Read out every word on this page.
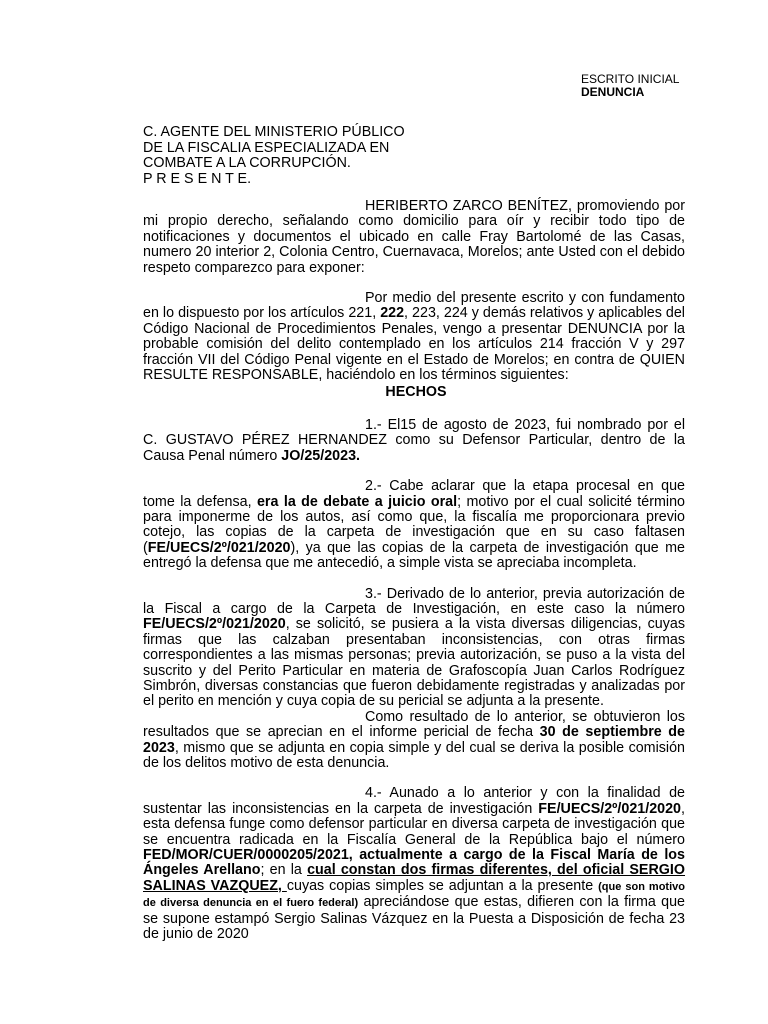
ESCRITO INICIAL
DENUNCIA
C. AGENTE DEL MINISTERIO PÚBLICO
DE LA FISCALIA ESPECIALIZADA EN
COMBATE A LA CORRUPCIÓN.
P R E S E N T E.

HERIBERTO ZARCO BENÍTEZ, promoviendo por mi propio derecho, señalando como domicilio para oír y recibir todo tipo de notificaciones y documentos el ubicado en calle Fray Bartolomé de las Casas, numero 20 interior 2, Colonia Centro, Cuernavaca, Morelos; ante Usted con el debido respeto comparezco para exponer:

Por medio del presente escrito y con fundamento en lo dispuesto por los artículos 221, 222, 223, 224 y demás relativos y aplicables del Código Nacional de Procedimientos Penales, vengo a presentar DENUNCIA por la probable comisión del delito contemplado en los artículos 214 fracción V y 297 fracción VII del Código Penal vigente en el Estado de Morelos; en contra de QUIEN RESULTE RESPONSABLE, haciéndolo en los términos siguientes:

HECHOS

1.- El15 de agosto de 2023, fui nombrado por el C. GUSTAVO PÉREZ HERNANDEZ como su Defensor Particular, dentro de la Causa Penal número JO/25/2023.

2.- Cabe aclarar que la etapa procesal en que tome la defensa, era la de debate a juicio oral; motivo por el cual solicité término para imponerme de los autos, así como que, la fiscalía me proporcionara previo cotejo, las copias de la carpeta de investigación que en su caso faltasen (FE/UECS/2º/021/2020), ya que las copias de la carpeta de investigación que me entregó la defensa que me antecedió, a simple vista se apreciaba incompleta.

3.- Derivado de lo anterior, previa autorización de la Fiscal a cargo de la Carpeta de Investigación, en este caso la número FE/UECS/2º/021/2020, se solicitó, se pusiera a la vista diversas diligencias, cuyas firmas que las calzaban presentaban inconsistencias, con otras firmas correspondientes a las mismas personas; previa autorización, se puso a la vista del suscrito y del Perito Particular en materia de Grafoscopía Juan Carlos Rodríguez Simbrón, diversas constancias que fueron debidamente registradas y analizadas por el perito en mención y cuya copia de su pericial se adjunta a la presente.

Como resultado de lo anterior, se obtuvieron los resultados que se aprecian en el informe pericial de fecha 30 de septiembre de 2023, mismo que se adjunta en copia simple y del cual se deriva la posible comisión de los delitos motivo de esta denuncia.

4.- Aunado a lo anterior y con la finalidad de sustentar las inconsistencias en la carpeta de investigación FE/UECS/2º/021/2020, esta defensa funge como defensor particular en diversa carpeta de investigación que se encuentra radicada en la Fiscalía General de la República bajo el número FED/MOR/CUER/0000205/2021, actualmente a cargo de la Fiscal María de los Ángeles Arellano; en la cual constan dos firmas diferentes, del oficial SERGIO SALINAS VAZQUEZ, cuyas copias simples se adjuntan a la presente (que son motivo de diversa denuncia en el fuero federal) apreciándose que estas, difieren con la firma que se supone estampó Sergio Salinas Vázquez en la Puesta a Disposición de fecha 23 de junio de 2020
